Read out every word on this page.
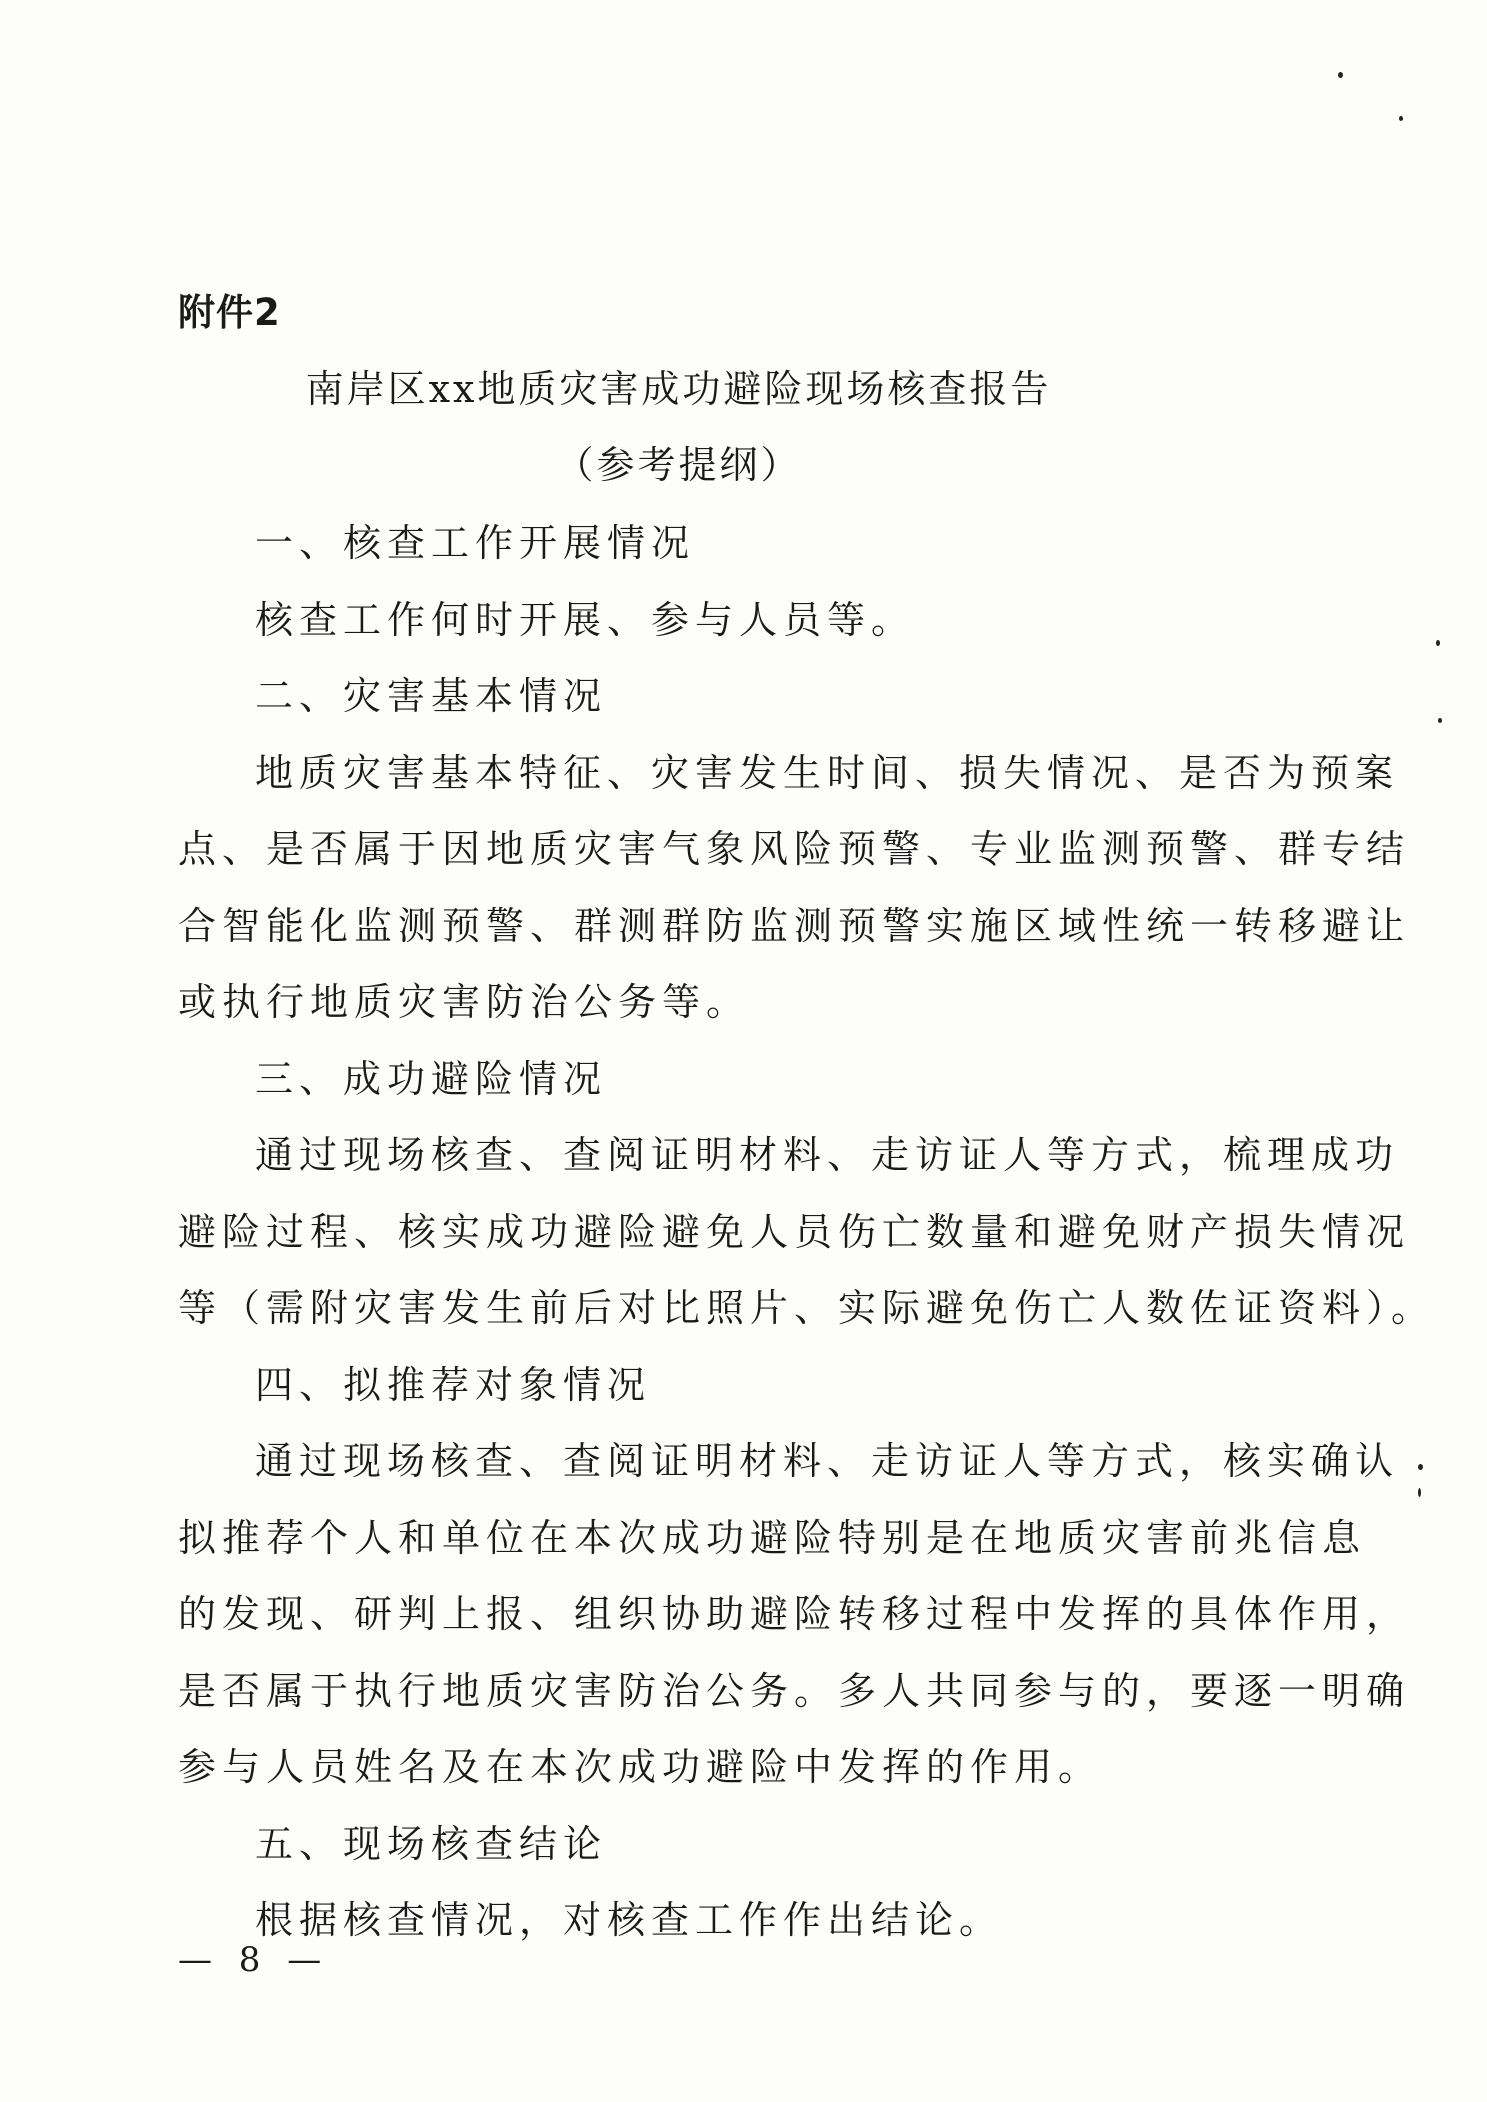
附件2
南岸区xx地质灾害成功避险现场核查报告
（参考提纲）
一、核查工作开展情况
核查工作何时开展、参与人员等。
二、灾害基本情况
地质灾害基本特征、灾害发生时间、损失情况、是否为预案
点、是否属于因地质灾害气象风险预警、专业监测预警、群专结
合智能化监测预警、群测群防监测预警实施区域性统一转移避让
或执行地质灾害防治公务等。
三、成功避险情况
通过现场核查、查阅证明材料、走访证人等方式，梳理成功
避险过程、核实成功避险避免人员伤亡数量和避免财产损失情况
等（需附灾害发生前后对比照片、实际避免伤亡人数佐证资料）。
四、拟推荐对象情况
通过现场核查、查阅证明材料、走访证人等方式，核实确认
拟推荐个人和单位在本次成功避险特别是在地质灾害前兆信息
的发现、研判上报、组织协助避险转移过程中发挥的具体作用，
是否属于执行地质灾害防治公务。多人共同参与的，要逐一明确
参与人员姓名及在本次成功避险中发挥的作用。
五、现场核查结论
根据核查情况，对核查工作作出结论。
— 8 —
